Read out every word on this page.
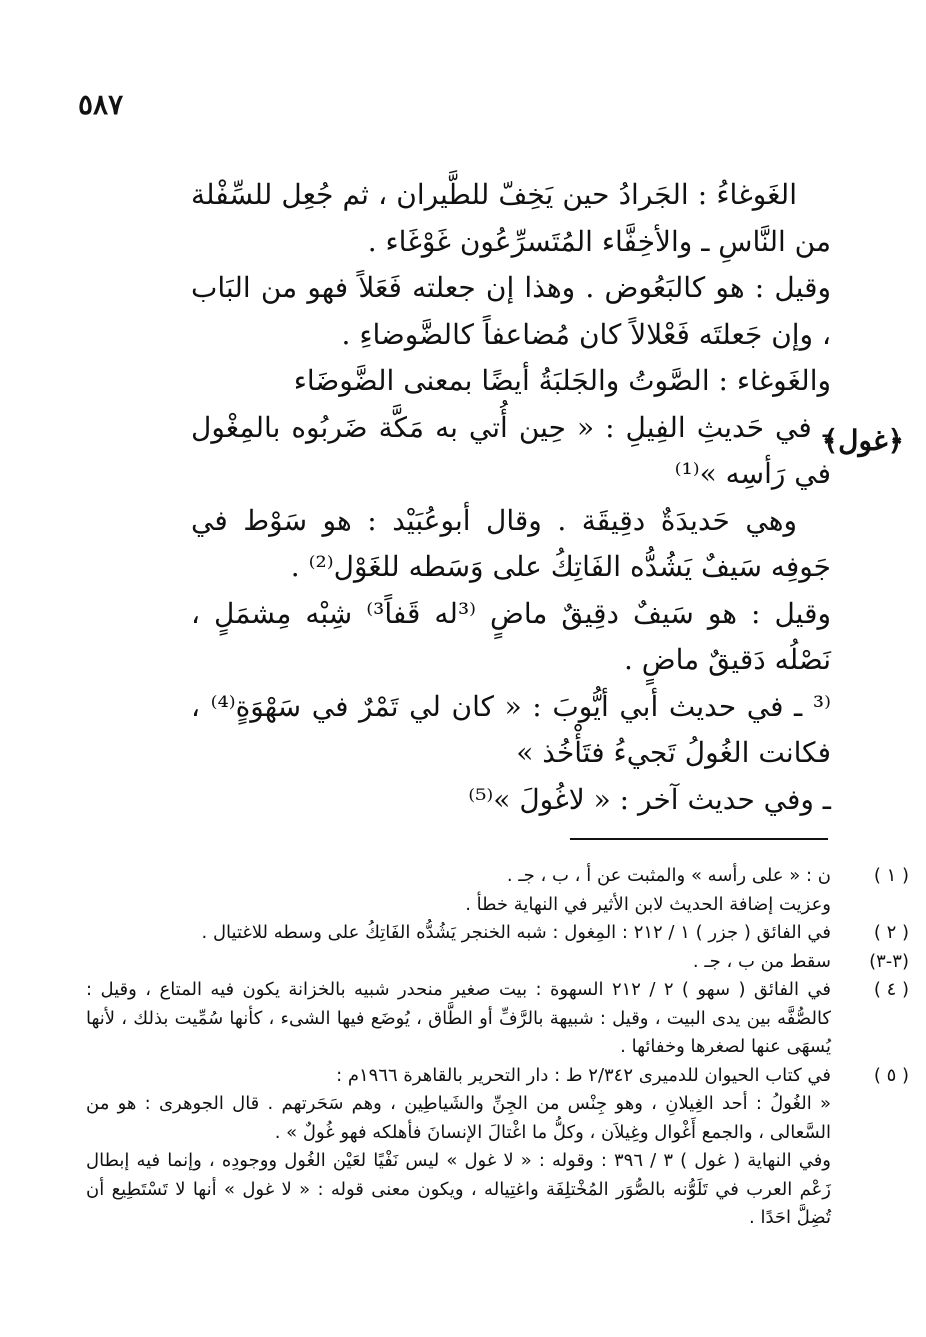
٥٨٧
﴿غول﴾

الغَوغاءُ : الجَرادُ حين يَخِفّ للطَّيران ، ثم جُعِل للسِّفْلة من النَّاسِ ـ والأخِفَّاء المُتَسرِّعُون غَوْغَاء .

وقيل : هو كالبَعُوض . وهذا إن جعلته فَعَلاً فهو من البَاب ، وإن جَعلتَه فَعْلالاً كان مُضاعفاً كالضَّوضاءِ .

والغَوغاء : الصَّوتُ والجَلبَةُ أيضًا بمعنى الضَّوضَاء

ـ في حَديثِ الفِيلِ : « حِين أُتي به مَكَّة ضَربُوه بالمِغْول في رَأسِه »⁽¹⁾

وهي حَديدَةٌ دقِيقَة . وقال أبوعُبَيْد : هو سَوْط في جَوفِه سَيفٌ يَشُدُّه الفَاتِكُ على وَسَطه للغَوْل⁽²⁾ .

وقيل : هو سَيفٌ دقِيقٌ ماضٍ ⁽³له قَفاً³⁾ شِبْه مِشمَلٍ ، نَصْلُه دَقيقٌ ماضٍ .

⁽³ ـ في حديث أبي أيُّوبَ : « كان لي تَمْرٌ في سَهْوَةٍ⁽⁴⁾ ، فكانت الغُولُ تَجيءُ فتَأْخُذ »

ـ وفي حديث آخر : « لاغُولَ »⁽⁵⁾

( ١ )

ن : « على رأسه » والمثبت عن أ ، ب ، جـ .

وعزيت إضافة الحديث لابن الأثير في النهاية خطأ .

( ٢ )

في الفائق ( جزر ) ١ / ٢١٢ : المِغول : شبه الخنجر يَشُدُّه الفَاتِكُ على وسطه للاغتيال .

(٣-٣)

سقط من ب ، جـ .

( ٤ )

في الفائق ( سهو ) ٢ / ٢١٢ السهوة : بيت صغير منحدر شبيه بالخزانة يكون فيه المتاع ، وقيل : كالصُّفَّه بين يدى البيت ، وقيل : شبيهة بالرَّفِّ أو الطَّاق ، يُوضَع فيها الشىء ، كأنها سُمِّيت بذلك ، لأنها يُسهَى عنها لصغرها وخفائها .

( ٥ )

في كتاب الحيوان للدميرى ٢/٣٤٢ ط : دار التحرير بالقاهرة ١٩٦٦م :

« الغُولُ : أحد الغِيلانِ ، وهو جِنْس من الجِنِّ والشَياطِين ، وهم سَحَرتهم . قال الجوهرى : هو من السَّعالى ، والجمع أَغْوال وغِيلاَن ، وكلُّ ما اغْتالَ الإنسانَ فأهلكه فهو غُولٌ » .

وفي النهاية ( غول ) ٣ / ٣٩٦ : وقوله : « لا غول » ليس نَفْيًا لعَيْن الغُول ووجودِه ، وإنما فيه إبطال زَعْم العرب في تَلَوُّنه بالصُّوَر المُخْتلِفَة واغتِياله ، ويكون معنى قوله : « لا غول » أنها لا تَسْتَطِيع أن تُضِلَّ احَدًا .
